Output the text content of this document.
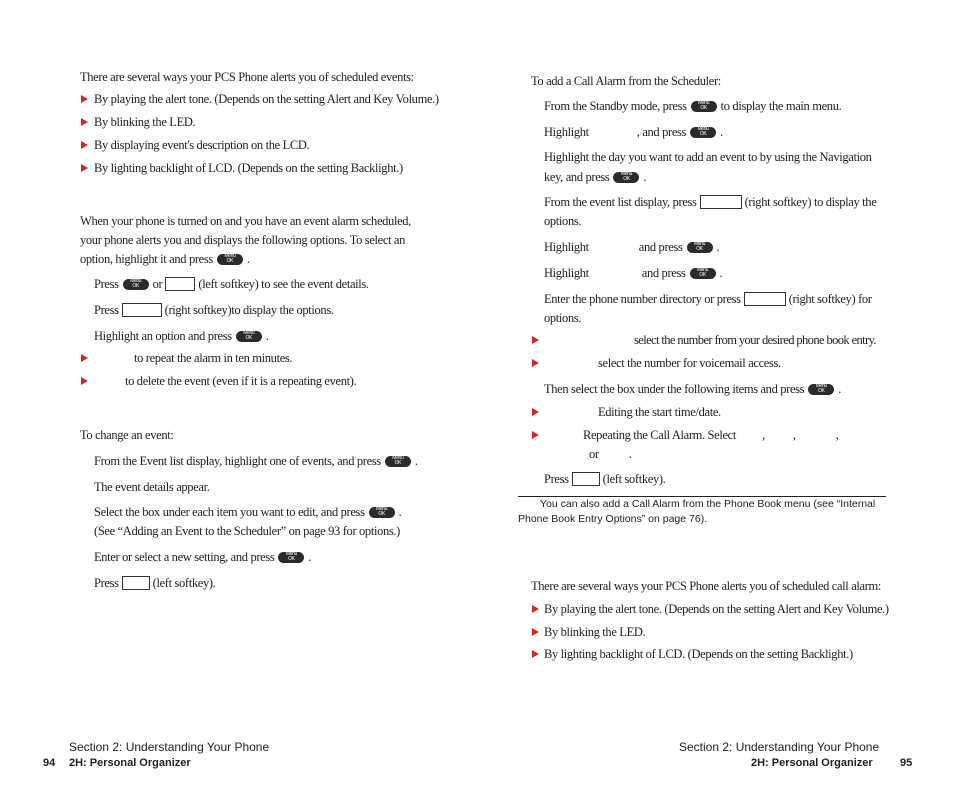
There are several ways your PCS Phone alerts you of scheduled events:
By playing the alert tone. (Depends on the setting Alert and Key Volume.)
By blinking the LED.
By displaying event's description on the LCD.
By lighting backlight of LCD. (Depends on the setting Backlight.)
When your phone is turned on and you have an event alarm scheduled,
your phone alerts you and displays the following options. To select an
option, highlight it and press	Menu
OK	.
Press	Menu
OK	or	(left softkey) to see the event details.
Press	(right softkey)to display the options.
Highlight an option and press	Menu
OK	.
to repeat the alarm in ten minutes.
to delete the event (even if it is a repeating event).
To change an event:
From the Event list display, highlight one of events, and press	Menu
OK	.
The event details appear.
Select the box under each item you want to edit, and press	Menu
OK	.
(See “Adding an Event to the Scheduler” on page 93 for options.)
Enter or select a new setting, and press	Menu
OK	.
Press	(left softkey).
To add a Call Alarm from the Scheduler:
From the Standby mode, press	Menu
OK	to display the main menu.
Highlight	, and press	Menu
OK	.
Highlight the day you want to add an event to by using the Navigation
key, and press	Menu
OK	.
From the event list display, press	(right softkey) to display the
options.
Highlight	and press	Menu
OK	.
Highlight	and press	Menu
OK	.
Enter the phone number directory or press	(right softkey) for
options.
select the number from your desired phone book entry.
select the number for voicemail access.
Then select the box under the following items and press	Menu
OK	.
Editing the start time/date.
Repeating the Call Alarm. Select , ,	,
or .
Press	(left softkey).
You can also add a Call Alarm from the Phone Book menu (see “Internal
Phone Book Entry Options” on page 76).
There are several ways your PCS Phone alerts you of scheduled call alarm:
By playing the alert tone. (Depends on the setting Alert and Key Volume.)
By blinking the LED.
By lighting backlight of LCD. (Depends on the setting Backlight.)
Section 2: Understanding Your Phone
94 2H: Personal Organizer
Section 2: Understanding Your Phone
2H: Personal Organizer 95
